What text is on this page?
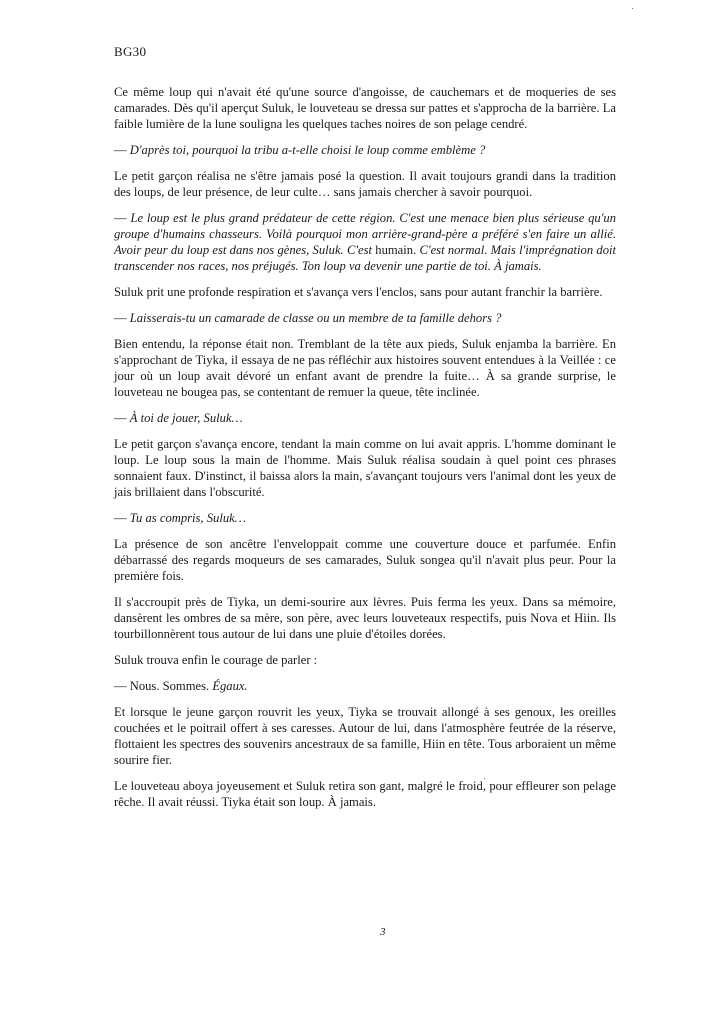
BG30

Ce même loup qui n'avait été qu'une source d'angoisse, de cauchemars et de moqueries de ses camarades. Dès qu'il aperçut Suluk, le louveteau se dressa sur pattes et s'approcha de la barrière. La faible lumière de la lune souligna les quelques taches noires de son pelage cendré.

— D'après toi, pourquoi la tribu a-t-elle choisi le loup comme emblème ?

Le petit garçon réalisa ne s'être jamais posé la question. Il avait toujours grandi dans la tradition des loups, de leur présence, de leur culte… sans jamais chercher à savoir pourquoi.

— Le loup est le plus grand prédateur de cette région. C'est une menace bien plus sérieuse qu'un groupe d'humains chasseurs. Voilà pourquoi mon arrière-grand-père a préféré s'en faire un allié. Avoir peur du loup est dans nos gènes, Suluk. C'est humain. C'est normal. Mais l'imprégnation doit transcender nos races, nos préjugés. Ton loup va devenir une partie de toi. À jamais.

Suluk prit une profonde respiration et s'avança vers l'enclos, sans pour autant franchir la barrière.

— Laisserais-tu un camarade de classe ou un membre de ta famille dehors ?

Bien entendu, la réponse était non. Tremblant de la tête aux pieds, Suluk enjamba la barrière. En s'approchant de Tiyka, il essaya de ne pas réfléchir aux histoires souvent entendues à la Veillée : ce jour où un loup avait dévoré un enfant avant de prendre la fuite… À sa grande surprise, le louveteau ne bougea pas, se contentant de remuer la queue, tête inclinée.

— À toi de jouer, Suluk…

Le petit garçon s'avança encore, tendant la main comme on lui avait appris. L'homme dominant le loup. Le loup sous la main de l'homme. Mais Suluk réalisa soudain à quel point ces phrases sonnaient faux. D'instinct, il baissa alors la main, s'avançant toujours vers l'animal dont les yeux de jais brillaient dans l'obscurité.

— Tu as compris, Suluk…

La présence de son ancêtre l'enveloppait comme une couverture douce et parfumée. Enfin débarrassé des regards moqueurs de ses camarades, Suluk songea qu'il n'avait plus peur. Pour la première fois.

Il s'accroupit près de Tiyka, un demi-sourire aux lèvres. Puis ferma les yeux. Dans sa mémoire, dansèrent les ombres de sa mère, son père, avec leurs louveteaux respectifs, puis Nova et Hiin. Ils tourbillonnèrent tous autour de lui dans une pluie d'étoiles dorées.

Suluk trouva enfin le courage de parler :

— Nous. Sommes. Égaux.

Et lorsque le jeune garçon rouvrit les yeux, Tiyka se trouvait allongé à ses genoux, les oreilles couchées et le poitrail offert à ses caresses. Autour de lui, dans l'atmosphère feutrée de la réserve, flottaient les spectres des souvenirs ancestraux de sa famille, Hiin en tête. Tous arboraient un même sourire fier.

Le louveteau aboya joyeusement et Suluk retira son gant, malgré le froid, pour effleurer son pelage rêche. Il avait réussi. Tiyka était son loup. À jamais.

3
